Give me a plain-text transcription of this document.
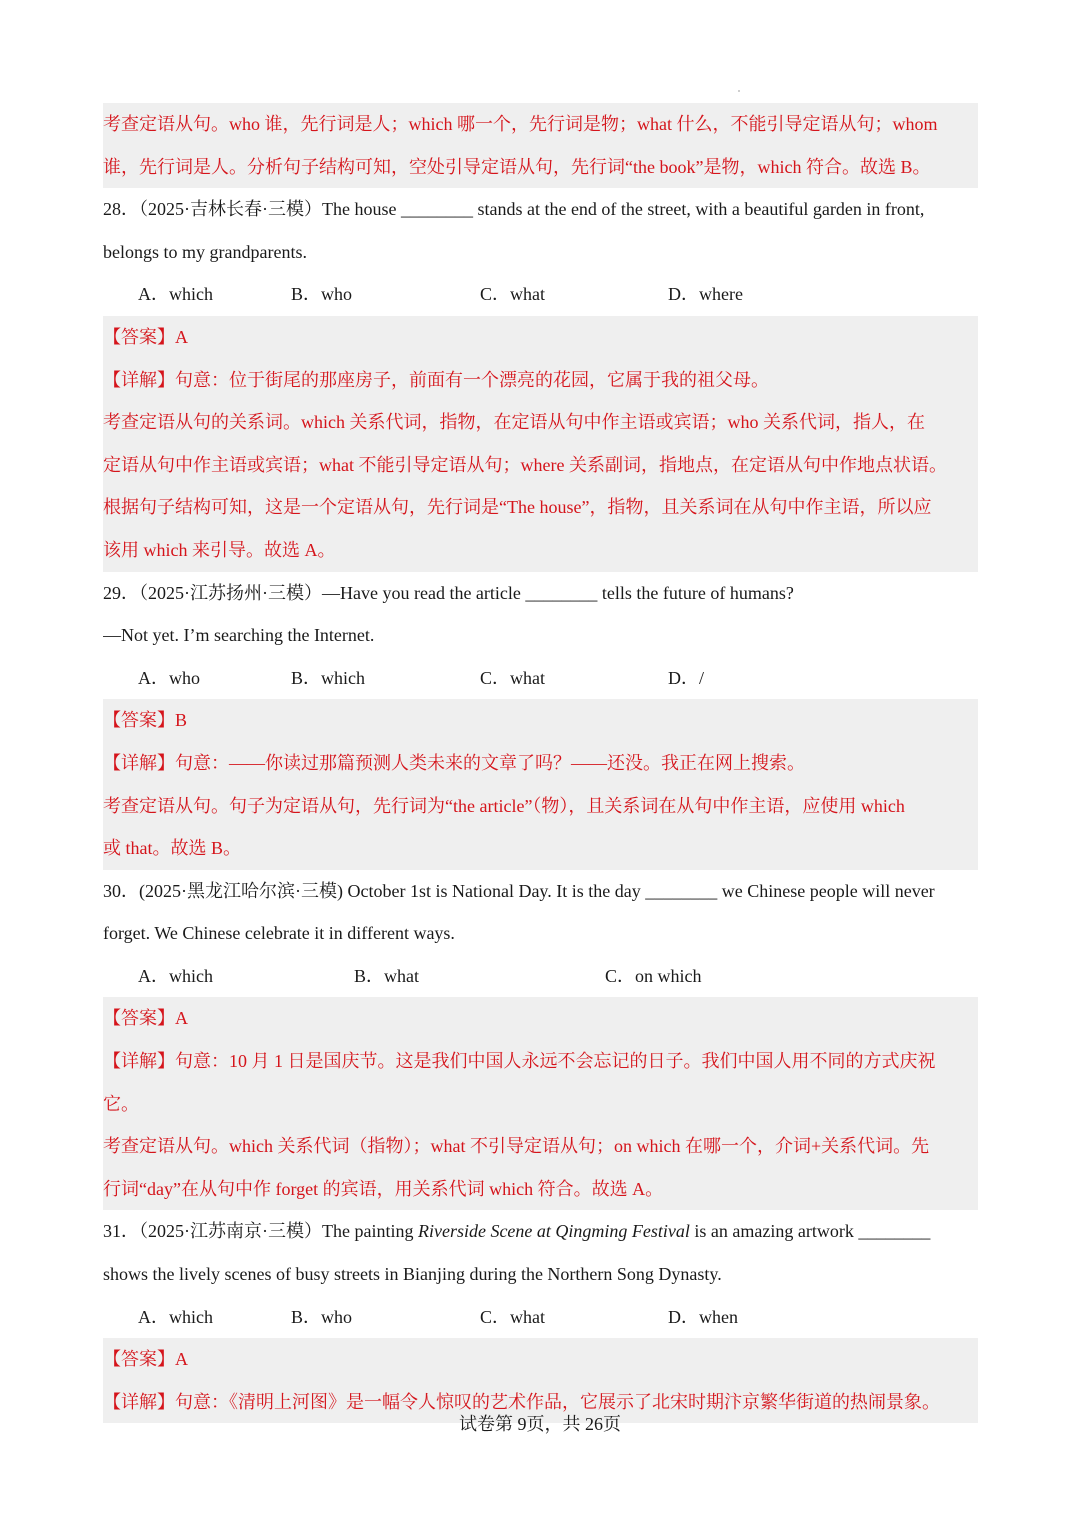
考查定语从句。who 谁，先行词是人；which 哪一个，先行词是物；what 什么，不能引导定语从句；whom
谁，先行词是人。分析句子结构可知，空处引导定语从句，先行词“the book”是物，which 符合。故选 B。
28．（2025·吉林长春·三模）The house ________ stands at the end of the street, with a beautiful garden in front,
belongs to my grandparents.
A．which	B．who	C．what	D．where
【答案】A
【详解】句意：位于街尾的那座房子，前面有一个漂亮的花园，它属于我的祖父母。
考查定语从句的关系词。which 关系代词，指物，在定语从句中作主语或宾语；who 关系代词，指人，在
定语从句中作主语或宾语；what 不能引导定语从句；where 关系副词，指地点，在定语从句中作地点状语。
根据句子结构可知，这是一个定语从句，先行词是“The house”，指物，且关系词在从句中作主语，所以应
该用 which 来引导。故选 A。
29．（2025·江苏扬州·三模）—Have you read the article ________ tells the future of humans?
—Not yet. I’m searching the Internet.
A．who	B．which	C．what	D．/
【答案】B
【详解】句意：——你读过那篇预测人类未来的文章了吗？——还没。我正在网上搜索。
考查定语从句。句子为定语从句，先行词为“the article”（物），且关系词在从句中作主语，应使用 which
或 that。故选 B。
30．(2025·黑龙江哈尔滨·三模) October 1st is National Day. It is the day ________ we Chinese people will never
forget. We Chinese celebrate it in different ways.
A．which	B．what	C．on which
【答案】A
【详解】句意：10 月 1 日是国庆节。这是我们中国人永远不会忘记的日子。我们中国人用不同的方式庆祝
它。
考查定语从句。which 关系代词（指物）；what 不引导定语从句；on which 在哪一个，介词+关系代词。先
行词“day”在从句中作 forget 的宾语，用关系代词 which 符合。故选 A。
31．（2025·江苏南京·三模）The painting Riverside Scene at Qingming Festival is an amazing artwork ________
shows the lively scenes of busy streets in Bianjing during the Northern Song Dynasty.
A．which	B．who	C．what	D．when
【答案】A
【详解】句意：《清明上河图》是一幅令人惊叹的艺术作品，它展示了北宋时期汴京繁华街道的热闹景象。
试卷第 9页，共 26页
